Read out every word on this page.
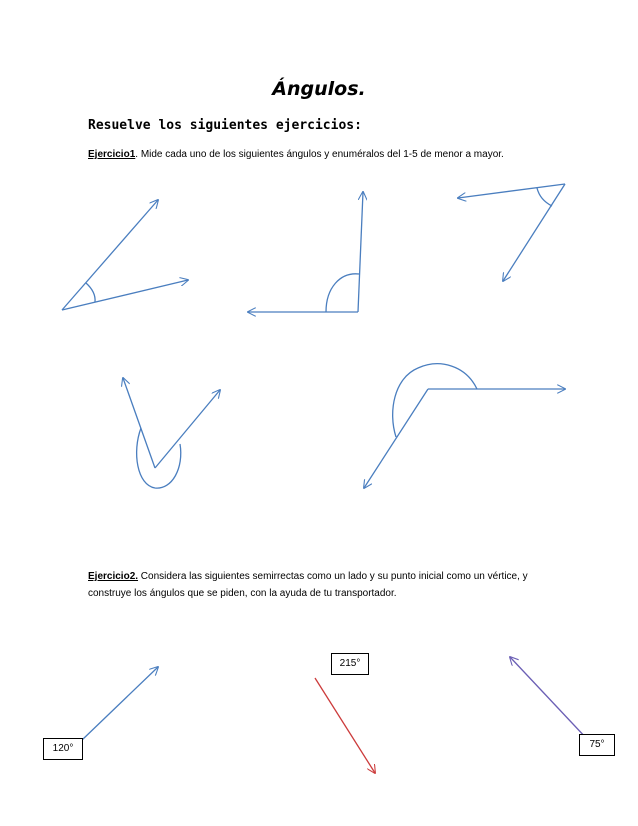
Ángulos.
Resuelve los siguientes ejercicios:
Ejercicio1. Mide cada uno de los siguientes ángulos y enuméralos del 1-5 de menor a mayor.
Ejercicio2. Considera las siguientes semirrectas como un lado y su punto inicial como un vértice, y construye los ángulos que se piden, con la ayuda de tu transportador.
120°
215°
75°
